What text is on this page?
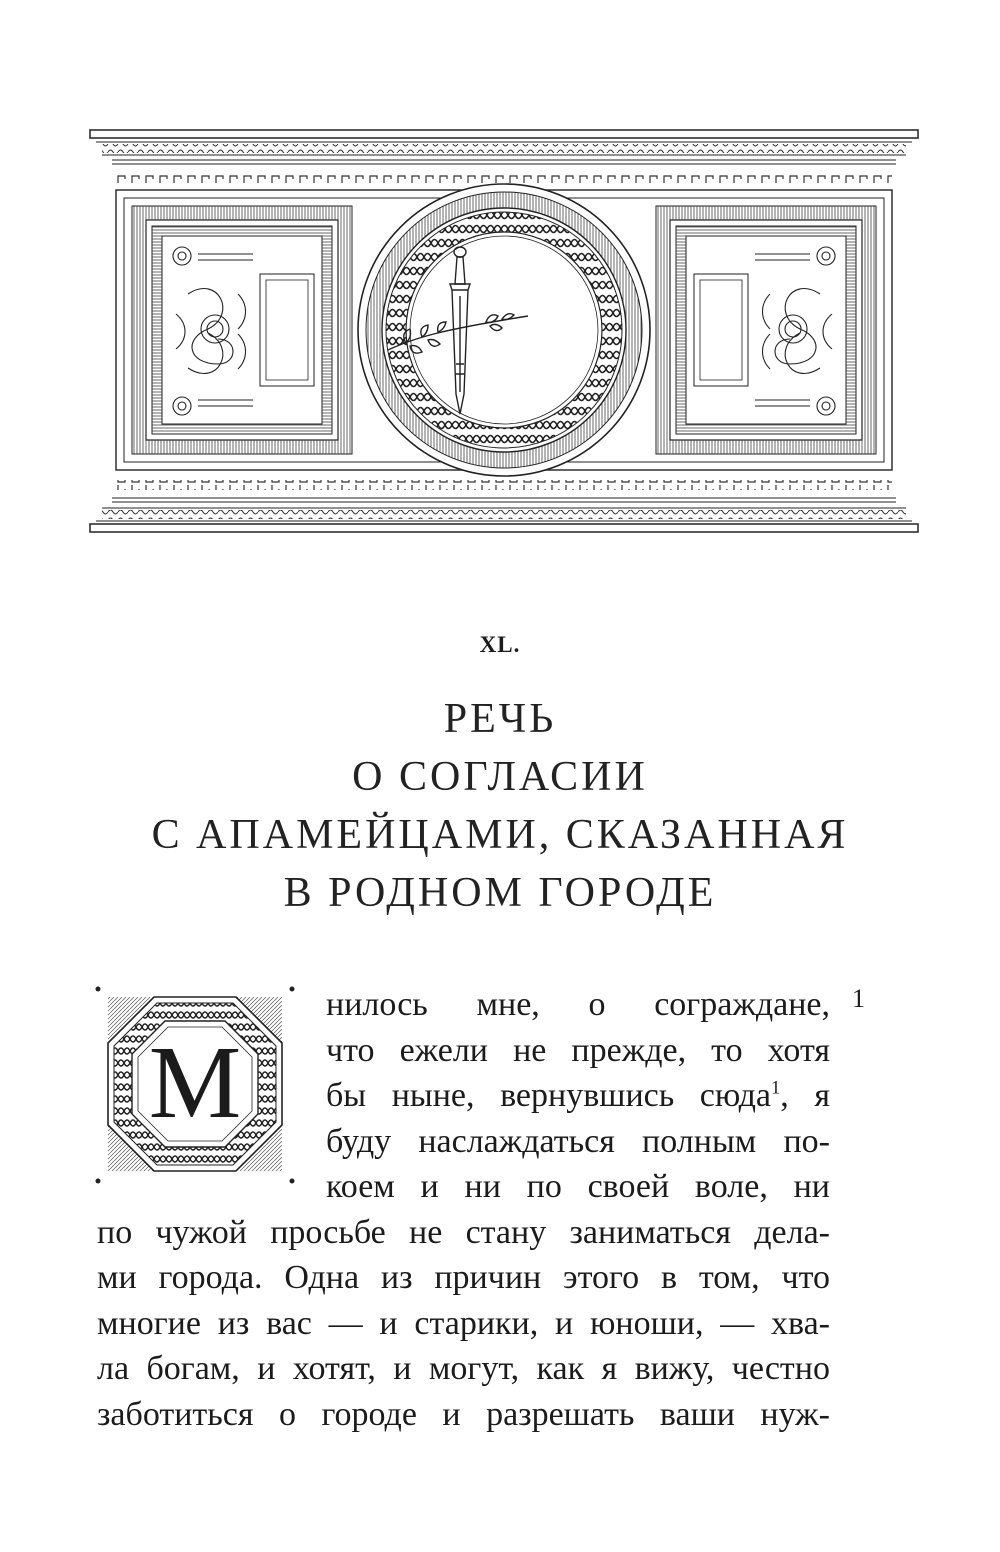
XL.
РЕЧЬ
О СОГЛАСИИ
С АПАМЕЙЦАМИ, СКАЗАННАЯ
В РОДНОМ ГОРОДЕ
М
1
нилось мне, о сограждане,
что ежели не прежде, то хотя
бы ныне, вернувшись сюда$^1$, я
буду наслаждаться полным по-
коем и ни по своей воле, ни
по чужой просьбе не стану заниматься дела-
ми города. Одна из причин этого в том, что
многие из вас — и старики, и юноши, — хва-
ла богам, и хотят, и могут, как я вижу, честно
заботиться о городе и разрешать ваши нуж-
